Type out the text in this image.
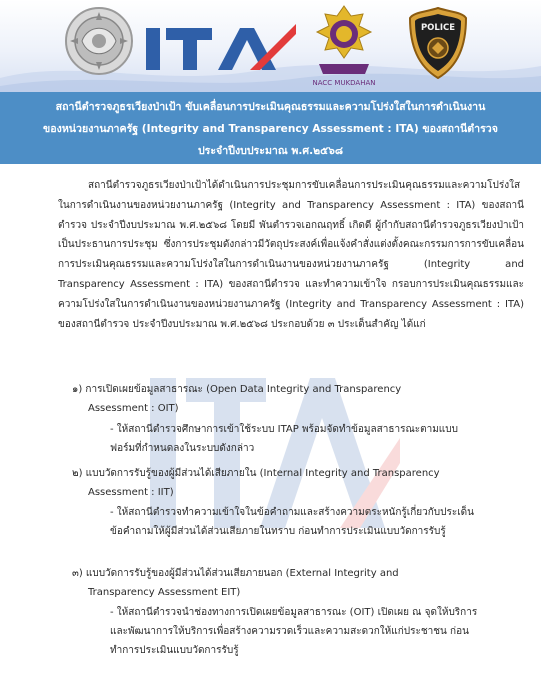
NACC MUKDAHAN
POLICE
สถานีตำรวจภูธรเวียงป่าเป้า ขับเคลื่อนการประเมินคุณธรรมและความโปร่งใสในการดำเนินงาน
ของหน่วยงานภาครัฐ (Integrity and Transparency Assessment : ITA) ของสถานีตำรวจ
ประจำปีงบประมาณ พ.ศ.๒๕๖๘

สถานีตำรวจภูธรเวียงป่าเป้าได้ดำเนินการประชุมการขับเคลื่อนการประเมินคุณธรรมและความโปร่งใสในการดำเนินงานของหน่วยงานภาครัฐ (Integrity and Transparency Assessment : ITA) ของสถานีตำรวจ ประจำปีงบประมาณ พ.ศ.๒๕๖๘ โดยมี พันตำรวจเอกณฤทธิ์ เกิดดี ผู้กำกับสถานีตำรวจภูธรเวียงป่าเป้า เป็นประธานการประชุม ซึ่งการประชุมดังกล่าวมีวัตถุประสงค์เพื่อแจ้งคำสั่งแต่งตั้งคณะกรรมการการขับเคลื่อนการประเมินคุณธรรมและความโปร่งใสในการดำเนินงานของหน่วยงานภาครัฐ (Integrity and Transparency Assessment : ITA) ของสถานีตำรวจ และทำความเข้าใจ กรอบการประเมินคุณธรรมและความโปร่งใสในการดำเนินงานของหน่วยงานภาครัฐ (Integrity and Transparency Assessment : ITA) ของสถานีตำรวจ ประจำปีงบประมาณ พ.ศ.๒๕๖๘ ประกอบด้วย ๓ ประเด็นสำคัญ ได้แก่

๑) การเปิดเผยข้อมูลสาธารณะ (Open Data Integrity and Transparency
Assessment : OIT)
- ให้สถานีตำรวจศึกษาการเข้าใช้ระบบ ITAP พร้อมจัดทำข้อมูลสาธารณะตามแบบฟอร์มที่กำหนดลงในระบบดังกล่าว
๒) แบบวัดการรับรู้ของผู้มีส่วนได้เสียภายใน (Internal Integrity and Transparency
Assessment : IIT)
- ให้สถานีตำรวจทำความเข้าใจในข้อคำถามและสร้างความตระหนักรู้เกี่ยวกับประเด็นข้อคำถามให้ผู้มีส่วนได้ส่วนเสียภายในทราบ ก่อนทำการประเมินแบบวัดการรับรู้
๓) แบบวัดการรับรู้ของผู้มีส่วนได้ส่วนเสียภายนอก (External Integrity and
Transparency Assessment EIT)
- ให้สถานีตำรวจนำช่องทางการเปิดเผยข้อมูลสาธารณะ (OIT) เปิดเผย ณ จุดให้บริการ และพัฒนาการให้บริการเพื่อสร้างความรวดเร็วและความสะดวกให้แก่ประชาชน ก่อนทำการประเมินแบบวัดการรับรู้
